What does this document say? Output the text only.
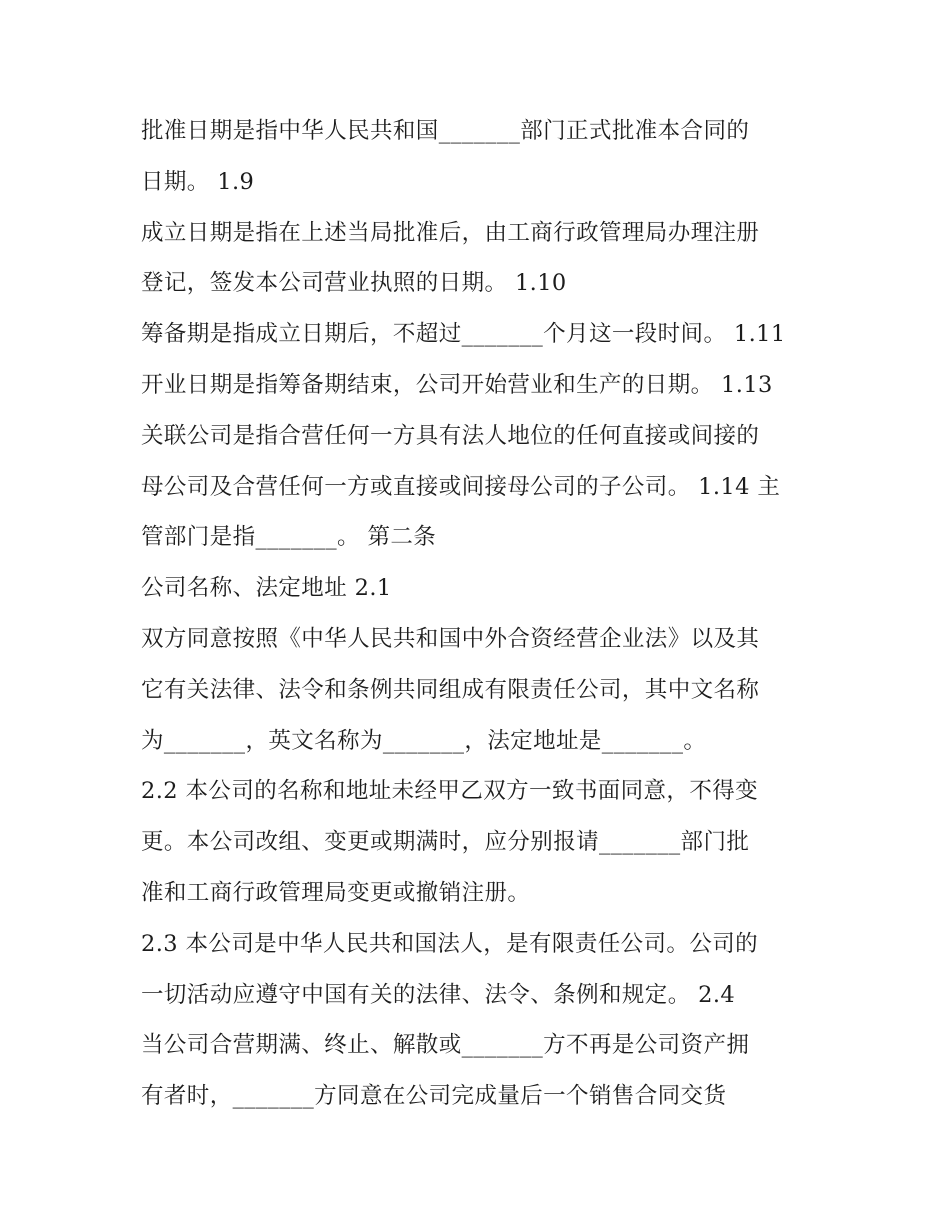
批准日期是指中华人民共和国_______部门正式批准本合同的
日期。 1.9
成立日期是指在上述当局批准后，由工商行政管理局办理注册
登记，签发本公司营业执照的日期。 1.10
筹备期是指成立日期后，不超过_______个月这一段时间。 1.11
开业日期是指筹备期结束，公司开始营业和生产的日期。 1.13
关联公司是指合营任何一方具有法人地位的任何直接或间接的
母公司及合营任何一方或直接或间接母公司的子公司。 1.14 主
管部门是指_______。 第二条
公司名称、法定地址 2.1
双方同意按照《中华人民共和国中外合资经营企业法》以及其
它有关法律、法令和条例共同组成有限责任公司，其中文名称
为_______，英文名称为_______，法定地址是_______。
2.2 本公司的名称和地址未经甲乙双方一致书面同意，不得变
更。本公司改组、变更或期满时，应分别报请_______部门批
准和工商行政管理局变更或撤销注册。
2.3 本公司是中华人民共和国法人，是有限责任公司。公司的
一切活动应遵守中国有关的法律、法令、条例和规定。 2.4
当公司合营期满、终止、解散或_______方不再是公司资产拥
有者时，_______方同意在公司完成量后一个销售合同交货
